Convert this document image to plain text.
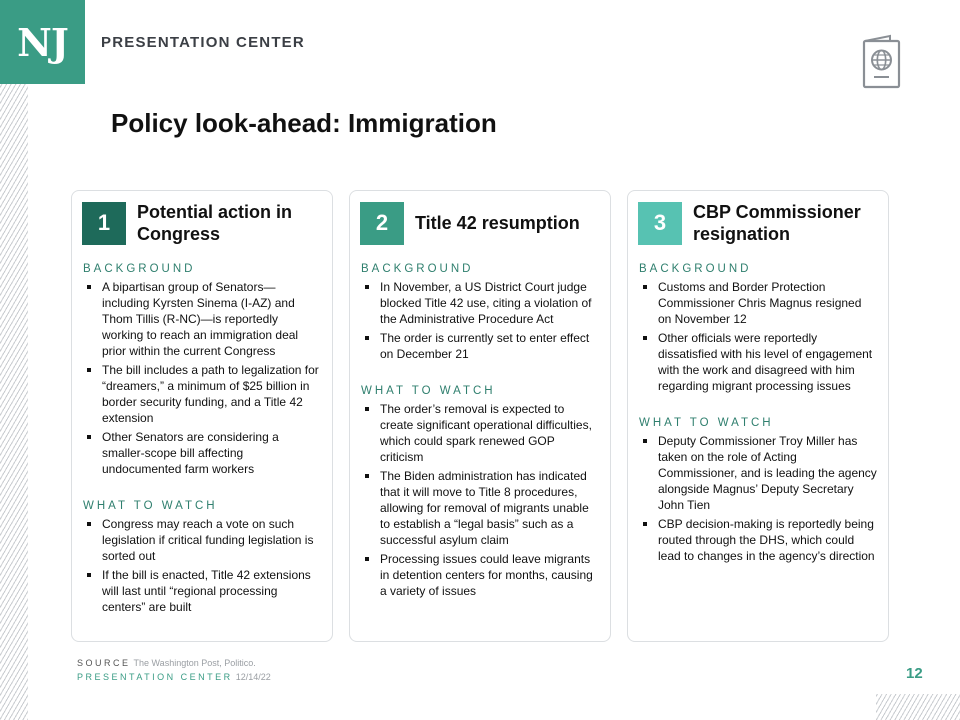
NJ PRESENTATION CENTER
Policy look-ahead: Immigration
1	Potential action in Congress
BACKGROUND
A bipartisan group of Senators—including Kyrsten Sinema (I-AZ) and Thom Tillis (R-NC)—is reportedly working to reach an immigration deal prior within the current Congress
The bill includes a path to legalization for “dreamers,” a minimum of $25 billion in border security funding, and a Title 42 extension
Other Senators are considering a smaller-scope bill affecting undocumented farm workers
WHAT TO WATCH
Congress may reach a vote on such legislation if critical funding legislation is sorted out
If the bill is enacted, Title 42 extensions will last until “regional processing centers” are built
2	Title 42 resumption
BACKGROUND
In November, a US District Court judge blocked Title 42 use, citing a violation of the Administrative Procedure Act
The order is currently set to enter effect on December 21
WHAT TO WATCH
The order’s removal is expected to create significant operational difficulties, which could spark renewed GOP criticism
The Biden administration has indicated that it will move to Title 8 procedures, allowing for removal of migrants unable to establish a “legal basis” such as a successful asylum claim
Processing issues could leave migrants in detention centers for months, causing a variety of issues
3	CBP Commissioner resignation
BACKGROUND
Customs and Border Protection Commissioner Chris Magnus resigned on November 12
Other officials were reportedly dissatisfied with his level of engagement with the work and disagreed with him regarding migrant processing issues
WHAT TO WATCH
Deputy Commissioner Troy Miller has taken on the role of Acting Commissioner, and is leading the agency alongside Magnus’ Deputy Secretary John Tien
CBP decision-making is reportedly being routed through the DHS, which could lead to changes in the agency’s direction
SOURCE The Washington Post, Politico.
PRESENTATION CENTER 12/14/22	12
